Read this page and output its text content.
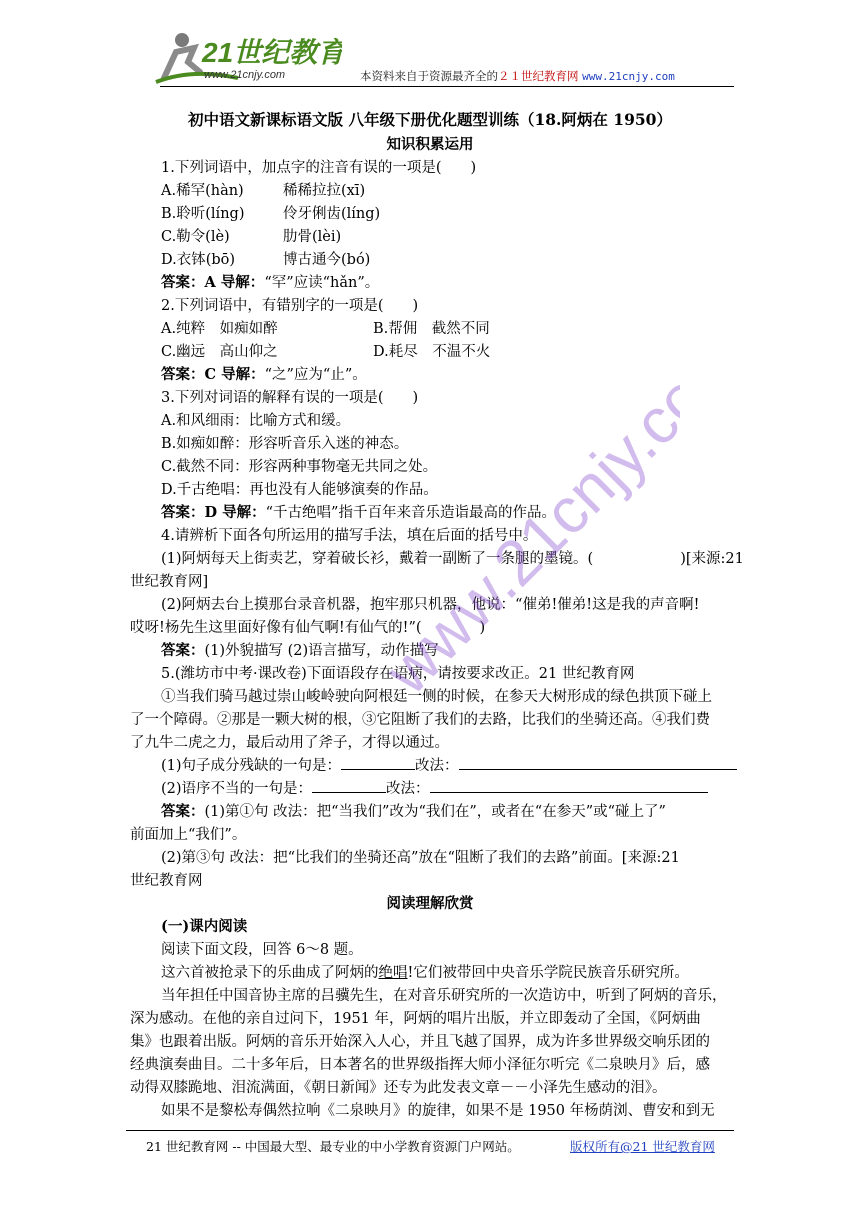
21世纪教育
www.21cnjy.com	本资料来自于资源最齐全的２１世纪教育网 www.21cnjy.com
初中语文新课标语文版 八年级下册优化题型训练（18.阿炳在 1950）
知识积累运用
1.下列词语中，加点字的注音有误的一项是(　　)
A.稀罕(hàn)	稀稀拉拉(xī)
B.聆听(líng)	伶牙俐齿(líng)
C.勒令(lè)	肋骨(lèi)
D.衣钵(bō)	博古通今(bó)
答案：A 导解：“罕”应读“hǎn”。
2.下列词语中，有错别字的一项是(　　)
A.纯粹　如痴如醉	B.帮佣　截然不同
C.幽远　高山仰之	D.耗尽　不温不火
答案：C 导解：“之”应为“止”。
3.下列对词语的解释有误的一项是(　　)
A.和风细雨：比喻方式和缓。
B.如痴如醉：形容听音乐入迷的神态。
C.截然不同：形容两种事物毫无共同之处。
D.千古绝唱：再也没有人能够演奏的作品。
答案：D 导解：“千古绝唱”指千百年来音乐造诣最高的作品。
4.请辨析下面各句所运用的描写手法，填在后面的括号中。
(1)阿炳每天上街卖艺，穿着破长衫，戴着一副断了一条腿的墨镜。(　　　　　　)[来源:21
世纪教育网]
(2)阿炳去台上摸那台录音机器，抱牢那只机器，他说：“催弟!催弟!这是我的声音啊!
哎呀!杨先生这里面好像有仙气啊!有仙气的!”(　　　　)
答案：(1)外貌描写 (2)语言描写，动作描写
5.(潍坊市中考·课改卷)下面语段存在语病，请按要求改正。21 世纪教育网
①当我们骑马越过崇山峻岭驶向阿根廷一侧的时候，在参天大树形成的绿色拱顶下碰上
了一个障碍。②那是一颗大树的根，③它阻断了我们的去路，比我们的坐骑还高。④我们费
了九牛二虎之力，最后动用了斧子，才得以通过。
(1)句子成分残缺的一句是：	改法：
(2)语序不当的一句是：	改法：
答案：(1)第①句 改法：把“当我们”改为“我们在”，或者在“在参天”或“碰上了”
前面加上“我们”。
(2)第③句 改法：把“比我们的坐骑还高”放在“阻断了我们的去路”前面。[来源:21
世纪教育网
阅读理解欣赏
(一)课内阅读
阅读下面文段，回答 6～8 题。
这六首被抢录下的乐曲成了阿炳的绝唱!它们被带回中央音乐学院民族音乐研究所。
当年担任中国音协主席的吕骥先生，在对音乐研究所的一次造访中，听到了阿炳的音乐，
深为感动。在他的亲自过问下，1951 年，阿炳的唱片出版，并立即轰动了全国，《阿炳曲
集》也跟着出版。阿炳的音乐开始深入人心，并且飞越了国界，成为许多世界级交响乐团的
经典演奏曲目。二十多年后，日本著名的世界级指挥大师小泽征尔听完《二泉映月》后，感
动得双膝跪地、泪流满面，《朝日新闻》还专为此发表文章－－小泽先生感动的泪》。
如果不是黎松寿偶然拉响《二泉映月》的旋律，如果不是 1950 年杨荫浏、曹安和到无
www.21cnjy.com
21 世纪教育网 -- 中国最大型、最专业的中小学教育资源门户网站。	版权所有@21 世纪教育网
